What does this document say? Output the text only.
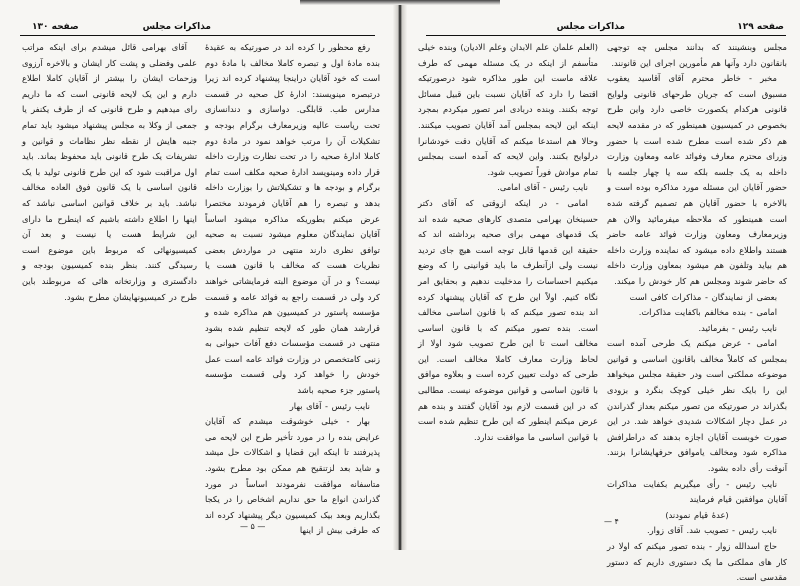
مذاکرات مجلس
صفحه ۱۳۰

آقای بهرامی قائل میشدم برای اینکه مراتب علمی وفضلی و پشت کار ایشان و بالاخره آرزوی وزحمات ایشان را بیشتر از آقایان کاملا اطلاع دارم و این یک لایحه قانونی است که ما داریم رای میدهیم و طرح قانونی که از طرف یکنفر یا جمعی از وکلا به مجلس پیشنهاد میشود باید تمام جنبه هایش از نقطه نظر نظامات و قوانین و تشریفات یک طرح قانونی باید محفوظ بماند. باید اول مراقبت شود که این طرح قانونی تولید با یک قانون اساسی با یک قانون فوق العاده مخالف نباشد. باید بر خلاف قوانین اساسی نباشد که اینها را اطلاع داشته باشیم که اینطرح ما دارای این شرایط هست یا نیست و بعد آن کمیسیونهائی که مربوط باین موضوع است رسیدگی کنند. بنظر بنده کمیسیون بودجه و دادگستری و وزارتخانه هائی که مربوطند باین طرح در کمیسیونهایشان مطرح بشود.

رفع محظور را کرده اند در صورتیکه به عقیدهٔ بنده مادهٔ اول و تبصره کاملا مخالف با مادهٔ دوم است که خود آقایان دراینجا پیشنهاد کرده اند زیرا درتبصره مینویسند: ادارهٔ کل صحیه در قسمت مدارس طب. قابلگی. دواسازی و دندانسازی تحت ریاست عالیه وزیرمعارف برگرام بودجه و تشکیلات آن را مرتب خواهد نمود در مادهٔ دوم کاملا ادارهٔ صحیه را در تحت نظارت وزارت داخله قرار داده ومینویسد ادارهٔ صحیه مکلف است تمام برگرام و بودجه ها و تشکیلاتش را بوزارت داخله بدهد و تبصره را هم آقایان فرمودند مختصرا عرض میکنم بطوریکه مذاکره میشود اساساً آقایان نمایندگان معلوم میشود نسبت به صحیه توافق نظری دارند منتهی در مواردش بعضی نظریات هست که مخالف با قانون هست یا نیست؟ و در آن موضوع البته فرمایشاتی خواهند کرد ولی در قسمت راجع به فوائد عامه و قسمت مؤسسه پاستور در کمیسیون هم مذاکره شده و قرارشد همان طور که لایحه تنظیم شده بشود منتهی در قسمت مؤسسات دفع آفات حیوانی به زنبی کامتخصص در وزارت فوائد عامه است عمل خودش را خواهد کرد ولی قسمت مؤسسه پاستور جزء صحیه باشد

نایب رئیس - آقای بهار

بهار - خیلی خوشوقت میشدم که آقایان عرایض بنده را در مورد تأخیر طرح این لایحه می پذیرفتند تا اینکه این قضایا و اشکالات حل میشد و شاید بعد لزتنقیح هم ممکن بود مطرح بشود. متاسفانه موافقت نفرمودند اساساً در مورد گذراندن انواع ما حق نداریم اشخاص را در یکجا بگذاریم وبعد بیک کمیسیون دیگر پیشنهاد کرده اند که طرفی بیش از اینها

— ۵ —
مذاکرات مجلس	صفحه ۱۲۹

مجلس وبنشینند که بدانند مجلس چه توجهی بانقانون دارد وآنها هم مأمورین اجرای این قانونند.

مخبر - خاطر محترم آقای آقاسید یعقوب مسبوق است که جریان طرحهای قانونی ولوایح قانونی هرکدام یکصورت خاصی دارد واین طرح بخصوص در کمیسیون همینطور که در مقدمه لایحه هم ذکر شده است مطرح شده است با حضور وزرای محترم معارف وفوائد عامه ومعاون وزارت داخله به یک جلسه بلکه سه یا چهار جلسه با حضور آقایان این مسئله مورد مذاکره بوده است و بالاخره با حضور آقایان هم تصمیم گرفته شده است همینطور که ملاحظه میفرمائید والان هم وزیرمعارف ومعاون وزارت فوائد عامه حاضر هستند واطلاع داده میشود که نماینده وزارت داخله هم بیاید وتلفون هم میشود بمعاون وزارت داخله که حاضر شوند ومجلس هم کار خودش را میکند.

بعضی از نمایندگان - مذاکرات کافی است

امامی - بنده مخالفم باکفایت مذاکرات.

نایب رئیس - بفرمائید.

امامی - عرض میکنم یک طرحی آمده است بمجلس که کاملاً مخالف باقانون اساسی و قوانین موضوعه مملکتی است ودر حقیقة مجلس میخواهد این را بایک نظر خیلی کوچک بنگرد و بزودی بگذراند در صورتیکه من تصور میکنم بعداز گذراندن در عمل دچار اشکالات شدیدی خواهد شد. در این صورت خوبست آقایان اجازه بدهند که دراطرافش مذاکره شود ومخالف یاموافق حرفهایشانرا بزنند. آنوقت رأی داده بشود.

نایب رئیس - رأی میگیریم بکفایت مذاکرات آقایان موافقین قیام فرمایند

(عدهٔ قیام نمودند)

نایب رئیس - تصویب شد. آقای زوار.

حاج اسدالله زوار - بنده تصور میکنم که اولا در کار های مملکتی ما یک دستوری داریم که دستور مقدسی است.

(العلم علمان علم الابدان وعلم الادیان) وبنده خیلی متأسفم از اینکه در یک مسئله مهمی که طرف علاقه ماست این طور مذاکره شود درصورتیکه اقتضا را دارد که آقایان نسبت باین قبیل مسائل توجه بکنند. وبنده دربادی امر تصور میکردم بمجرد اینکه این لایحه بمجلس آمد آقایان تصویب میکنند. وحالا هم استدعا میکنم که آقایان دقت خودشانرا درلوایح بکنند. واین لایحه که آمده است بمجلس تمام موادش فوراً تصویب شود.

نایب رئیس - آقای امامی.

امامی - در اینکه ازوقتی که آقای دکتر حسینخان بهرامی متصدی کارهای صحیه شده اند یک قدمهای مهمی برای صحیه برداشته اند که حقیقة این قدمها قابل توجه است هیچ جای تردید نیست ولی ازآنطرف ما باید قوانینی را که وضع میکنیم احساسات را مدخلیت ندهیم و بحقایق امر نگاه کنیم. اولاً این طرح که آقایان پیشنهاد کرده اند بنده تصور میکنم که با قانون اساسی مخالف است. بنده تصور میکنم که با قانون اساسی مخالف است تا این طرح تصویب شود اولا از لحاظ وزارت معارف کاملا مخالف است. این طرحی که دولت تعیین کرده است و بعلاوه موافق با قانون اساسی و قوانین موضوعه نیست. مطالبی که در این قسمت لازم بود آقایان گفتند و بنده هم عرض میکنم اینطور که این طرح تنظیم شده است با قوانین اساسی ما موافقت ندارد.

— ۴
